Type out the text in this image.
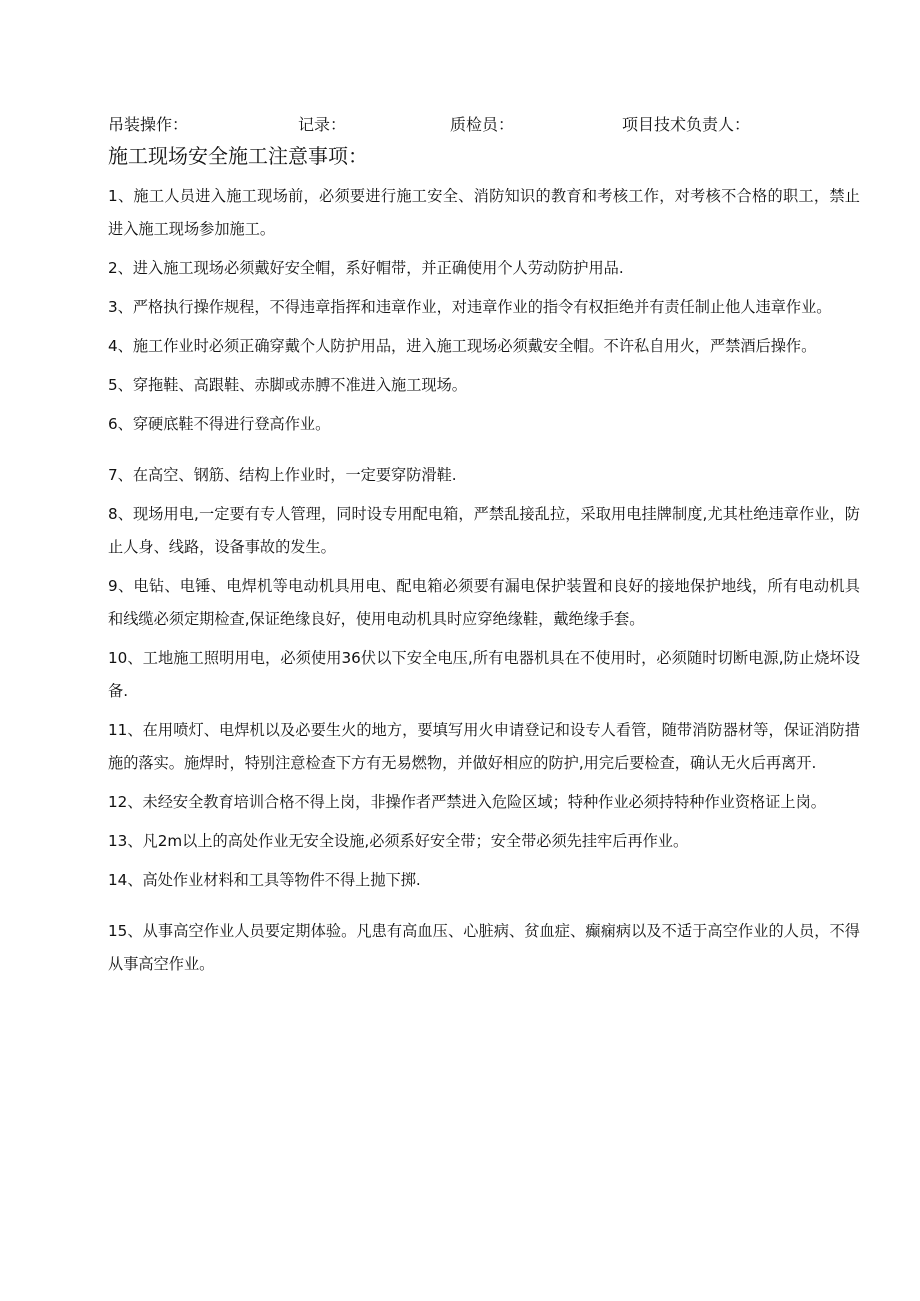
吊装操作：	记录：	质检员：	项目技术负责人：
施工现场安全施工注意事项：

1、施工人员进入施工现场前，必须要进行施工安全、消防知识的教育和考核工作，对考核不合格的职工，禁止进入施工现场参加施工。

2、进入施工现场必须戴好安全帽，系好帽带，并正确使用个人劳动防护用品.

3、严格执行操作规程，不得违章指挥和违章作业，对违章作业的指令有权拒绝并有责任制止他人违章作业。

4、施工作业时必须正确穿戴个人防护用品，进入施工现场必须戴安全帽。不许私自用火，严禁酒后操作。

5、穿拖鞋、高跟鞋、赤脚或赤膊不准进入施工现场。

6、穿硬底鞋不得进行登高作业。

7、在高空、钢筋、结构上作业时，一定要穿防滑鞋.

8、现场用电,一定要有专人管理，同时设专用配电箱，严禁乱接乱拉，采取用电挂牌制度,尤其杜绝违章作业，防止人身、线路，设备事故的发生。

9、电钻、电锤、电焊机等电动机具用电、配电箱必须要有漏电保护装置和良好的接地保护地线，所有电动机具和线缆必须定期检查,保证绝缘良好，使用电动机具时应穿绝缘鞋，戴绝缘手套。

10、工地施工照明用电，必须使用36伏以下安全电压,所有电器机具在不使用时，必须随时切断电源,防止烧坏设备.

11、在用喷灯、电焊机以及必要生火的地方，要填写用火申请登记和设专人看管，随带消防器材等，保证消防措施的落实。施焊时，特别注意检查下方有无易燃物，并做好相应的防护,用完后要检查，确认无火后再离开.

12、未经安全教育培训合格不得上岗，非操作者严禁进入危险区域；特种作业必须持特种作业资格证上岗。

13、凡2m以上的高处作业无安全设施,必须系好安全带；安全带必须先挂牢后再作业。

14、高处作业材料和工具等物件不得上抛下掷.

15、从事高空作业人员要定期体验。凡患有高血压、心脏病、贫血症、癫痫病以及不适于高空作业的人员，不得从事高空作业。
